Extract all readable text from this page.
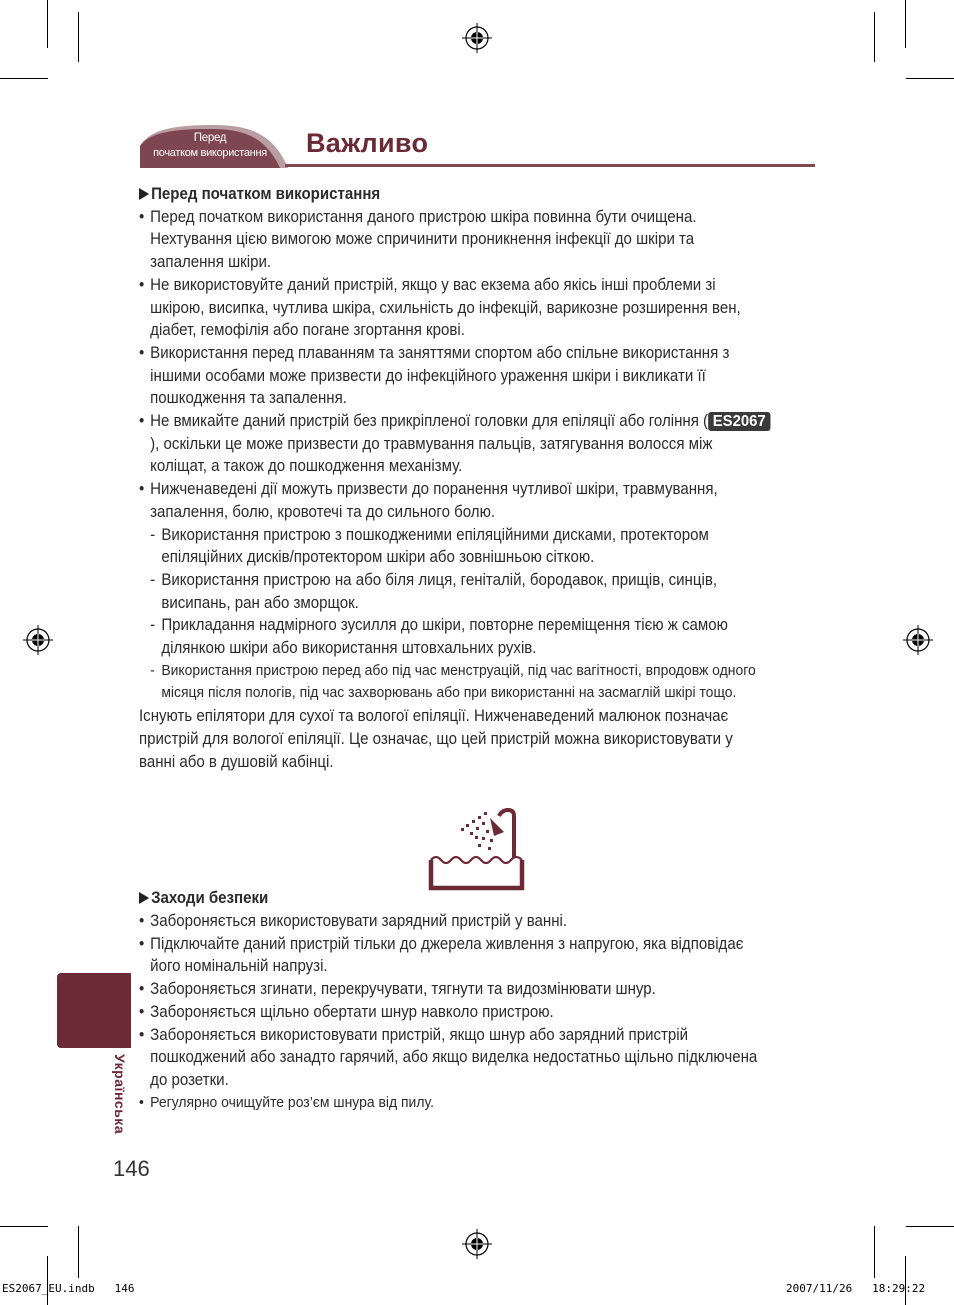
Перед
початком використання	Важливо
Перед початком використання
• Перед початком використання даного пристрою шкіра повинна бути очищена. Нехтування цією вимогою може спричинити проникнення інфекції до шкіри та запалення шкіри.
• Не використовуйте даний пристрій, якщо у вас екзема або якісь інші проблеми зі шкірою, висипка, чутлива шкіра, схильність до інфекцій, варикозне розширення вен, діабет, гемофілія або погане згортання крові.
• Використання перед плаванням та заняттями спортом або спільне використання з іншими особами може призвести до інфекційного ураження шкіри і викликати її пошкодження та запалення.
• Не вмикайте даний пристрій без прикріпленої головки для епіляції або гоління ( ES2067), оскільки це може призвести до травмування пальців, затягування волосся між коліщат, а також до пошкодження механізму.
• Нижченаведені дії можуть призвести до поранення чутливої шкіри, травмування, запалення, болю, кровотечі та до сильного болю.
- Використання пристрою з пошкодженими епіляційними дисками, протектором епіляційних дисків/протектором шкіри або зовнішньою сіткою.
- Використання пристрою на або біля лиця, геніталій, бородавок, прищів, синців, висипань, ран або зморщок.
- Прикладання надмірного зусилля до шкіри, повторне переміщення тією ж самою ділянкою шкіри або використання штовхальних рухів.
- Використання пристрою перед або під час менструацій, під час вагітності, впродовж одного місяця після пологів, під час захворювань або при використанні на засмаглій шкірі тощо.
Існують епілятори для сухої та вологої епіляції. Нижченаведений малюнок позначає пристрій для вологої епіляції. Це означає, що цей пристрій можна використовувати у ванні або в душовій кабінці.
Заходи безпеки
• Забороняється використовувати зарядний пристрій у ванні.
• Підключайте даний пристрій тільки до джерела живлення з напругою, яка відповідає його номінальній напрузі.
• Забороняється згинати, перекручувати, тягнути та видозмінювати шнур.
• Забороняється щільно обертати шнур навколо пристрою.
• Забороняється використовувати пристрій, якщо шнур або зарядний пристрій пошкоджений або занадто гарячий, або якщо виделка недостатньо щільно підключена до розетки.
• Регулярно очищуйте роз’єм шнура від пилу.
Українська
146
ES2067_EU.indb   146	2007/11/26   18:29:22
